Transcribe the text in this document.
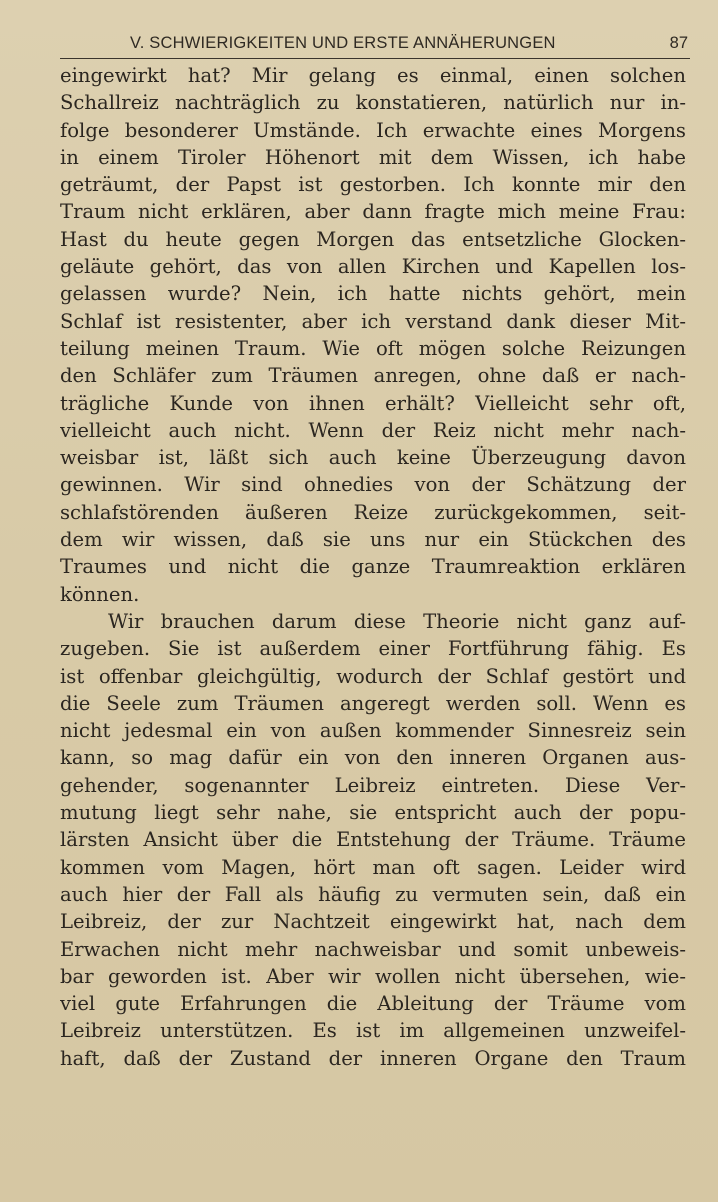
V. SCHWIERIGKEITEN UND ERSTE ANNÄHERUNGEN	87
eingewirkt hat? Mir gelang es einmal, einen solchen
Schallreiz nachträglich zu konstatieren, natürlich nur in-
folge besonderer Umstände. Ich erwachte eines Morgens
in einem Tiroler Höhenort mit dem Wissen, ich habe
geträumt, der Papst ist gestorben. Ich konnte mir den
Traum nicht erklären, aber dann fragte mich meine Frau:
Hast du heute gegen Morgen das entsetzliche Glocken-
geläute gehört, das von allen Kirchen und Kapellen los-
gelassen wurde? Nein, ich hatte nichts gehört, mein
Schlaf ist resistenter, aber ich verstand dank dieser Mit-
teilung meinen Traum. Wie oft mögen solche Reizungen
den Schläfer zum Träumen anregen, ohne daß er nach-
trägliche Kunde von ihnen erhält? Vielleicht sehr oft,
vielleicht auch nicht. Wenn der Reiz nicht mehr nach-
weisbar ist, läßt sich auch keine Überzeugung davon
gewinnen. Wir sind ohnedies von der Schätzung der
schlafstörenden äußeren Reize zurückgekommen, seit-
dem wir wissen, daß sie uns nur ein Stückchen des
Traumes und nicht die ganze Traumreaktion erklären
können.
Wir brauchen darum diese Theorie nicht ganz auf-
zugeben. Sie ist außerdem einer Fortführung fähig. Es
ist offenbar gleichgültig, wodurch der Schlaf gestört und
die Seele zum Träumen angeregt werden soll. Wenn es
nicht jedesmal ein von außen kommender Sinnesreiz sein
kann, so mag dafür ein von den inneren Organen aus-
gehender, sogenannter Leibreiz eintreten. Diese Ver-
mutung liegt sehr nahe, sie entspricht auch der popu-
lärsten Ansicht über die Entstehung der Träume. Träume
kommen vom Magen, hört man oft sagen. Leider wird
auch hier der Fall als häufig zu vermuten sein, daß ein
Leibreiz, der zur Nachtzeit eingewirkt hat, nach dem
Erwachen nicht mehr nachweisbar und somit unbeweis-
bar geworden ist. Aber wir wollen nicht übersehen, wie-
viel gute Erfahrungen die Ableitung der Träume vom
Leibreiz unterstützen. Es ist im allgemeinen unzweifel-
haft, daß der Zustand der inneren Organe den Traum
